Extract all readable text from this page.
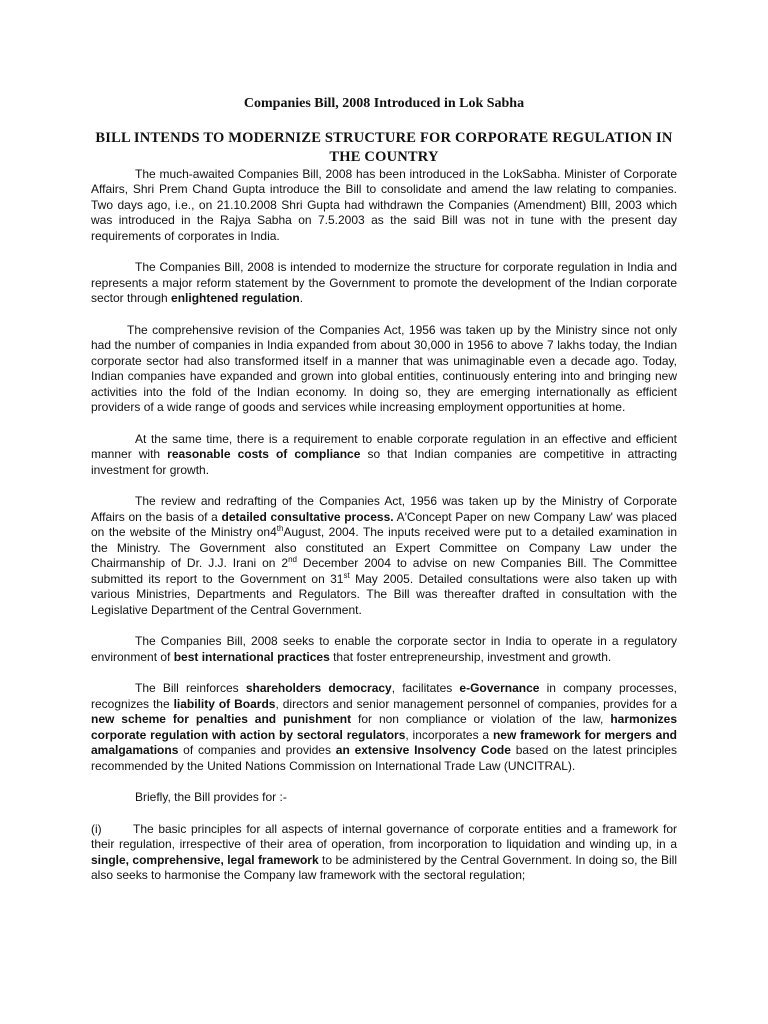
Companies Bill, 2008 Introduced in Lok Sabha
BILL INTENDS TO MODERNIZE STRUCTURE FOR CORPORATE REGULATION IN THE COUNTRY

The much-awaited Companies Bill, 2008 has been introduced in the LokSabha. Minister of Corporate Affairs, Shri Prem Chand Gupta introduce the Bill to consolidate and amend the law relating to companies. Two days ago, i.e., on 21.10.2008 Shri Gupta had withdrawn the Companies (Amendment) BIll, 2003 which was introduced in the Rajya Sabha on 7.5.2003 as the said Bill was not in tune with the present day requirements of corporates in India.

The Companies Bill, 2008 is intended to modernize the structure for corporate regulation in India and represents a major reform statement by the Government to promote the development of the Indian corporate sector through enlightened regulation.

The comprehensive revision of the Companies Act, 1956 was taken up by the Ministry since not only had the number of companies in India expanded from about 30,000 in 1956 to above 7 lakhs today, the Indian corporate sector had also transformed itself in a manner that was unimaginable even a decade ago. Today, Indian companies have expanded and grown into global entities, continuously entering into and bringing new activities into the fold of the Indian economy. In doing so, they are emerging internationally as efficient providers of a wide range of goods and services while increasing employment opportunities at home.

At the same time, there is a requirement to enable corporate regulation in an effective and efficient manner with reasonable costs of compliance so that Indian companies are competitive in attracting investment for growth.

The review and redrafting of the Companies Act, 1956 was taken up by the Ministry of Corporate Affairs on the basis of a detailed consultative process. A'Concept Paper on new Company Law' was placed on the website of the Ministry on4thAugust, 2004. The inputs received were put to a detailed examination in the Ministry. The Government also constituted an Expert Committee on Company Law under the Chairmanship of Dr. J.J. Irani on 2nd December 2004 to advise on new Companies Bill. The Committee submitted its report to the Government on 31st May 2005. Detailed consultations were also taken up with various Ministries, Departments and Regulators. The Bill was thereafter drafted in consultation with the Legislative Department of the Central Government.

The Companies Bill, 2008 seeks to enable the corporate sector in India to operate in a regulatory environment of best international practices that foster entrepreneurship, investment and growth.

The Bill reinforces shareholders democracy, facilitates e-Governance in company processes, recognizes the liability of Boards, directors and senior management personnel of companies, provides for a new scheme for penalties and punishment for non compliance or violation of the law, harmonizes corporate regulation with action by sectoral regulators, incorporates a new framework for mergers and amalgamations of companies and provides an extensive Insolvency Code based on the latest principles recommended by the United Nations Commission on International Trade Law (UNCITRAL).

Briefly, the Bill provides for :-

(i)	The basic principles for all aspects of internal governance of corporate entities and a framework for their regulation, irrespective of their area of operation, from incorporation to liquidation and winding up, in a single, comprehensive, legal framework to be administered by the Central Government. In doing so, the Bill also seeks to harmonise the Company law framework with the sectoral regulation;
